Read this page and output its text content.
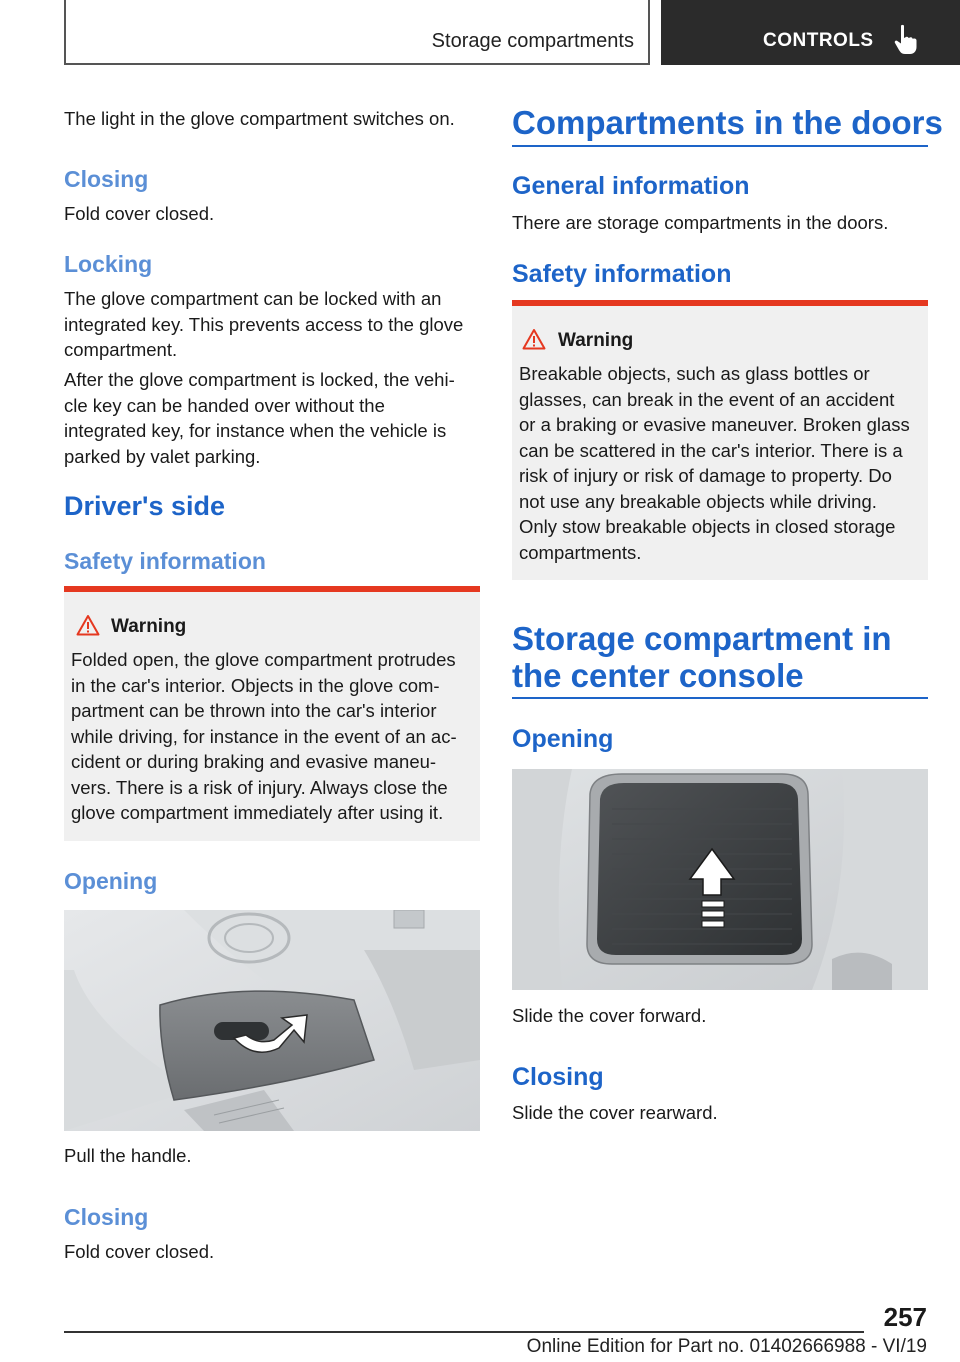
Storage compartments	CONTROLS

The light in the glove compartment switches on.

Closing

Fold cover closed.

Locking

The glove compartment can be locked with an

integrated key. This prevents access to the glove

compartment.

After the glove compartment is locked, the vehi‐

cle key can be handed over without the

integrated key, for instance when the vehicle is

parked by valet parking.

Driver's side
Safety information
Warning

Folded open, the glove compartment protrudes

in the car's interior. Objects in the glove com‐

partment can be thrown into the car's interior

while driving, for instance in the event of an ac‐

cident or during braking and evasive maneu‐

vers. There is a risk of injury. Always close the

glove compartment immediately after using it.

Opening

Pull the handle.

Closing

Fold cover closed.

Compartments in the doors
General information

There are storage compartments in the doors.

Safety information
Warning

Breakable objects, such as glass bottles or

glasses, can break in the event of an accident

or a braking or evasive maneuver. Broken glass

can be scattered in the car's interior. There is a

risk of injury or risk of damage to property. Do

not use any breakable objects while driving.

Only stow breakable objects in closed storage

compartments.

Storage compartment in
the center console
Opening

Slide the cover forward.

Closing

Slide the cover rearward.

257
Online Edition for Part no. 01402666988 - VI/19
